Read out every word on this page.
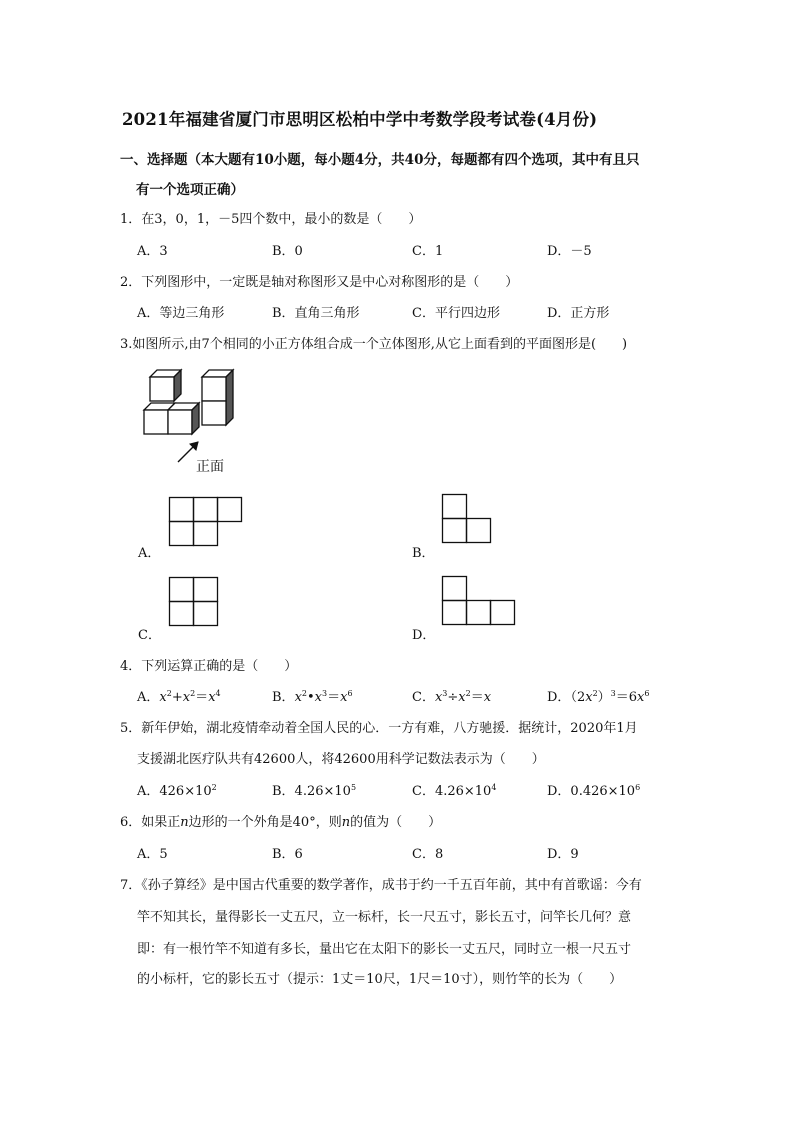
2021年福建省厦门市思明区松柏中学中考数学段考试卷(4月份)
一、选择题（本大题有10小题，每小题4分，共40分，每题都有四个选项，其中有且只
有一个选项正确）
1．在3，0，1，－5四个数中，最小的数是（　　）
A．3	B．0	C．1	D．－5
2．下列图形中，一定既是轴对称图形又是中心对称图形的是（　　）
A．等边三角形	B．直角三角形	C．平行四边形	D．正方形
3.如图所示,由7个相同的小正方体组合成一个立体图形,从它上面看到的平面图形是(　　)
正面
A．	B．
C．	D．
4．下列运算正确的是（　　）
A．$x^2+x^2=x^4$	B．$x^2•x^3=x^6$	C．$x^3\div x^2=x$	D．$(2x^2)^3=6x^6$
5．新年伊始，湖北疫情牵动着全国人民的心．一方有难，八方驰援．据统计，2020年1月
支援湖北医疗队共有42600人，将42600用科学记数法表示为（　　）
A．$426\times 10^2$	B．$4.26\times 10^5$	C．$4.26\times 10^4$	D．$0.426\times 10^6$
6．如果正n边形的一个外角是40°，则n的值为（　　）
A．5	B．6	C．8	D．9
7．《孙子算经》是中国古代重要的数学著作，成书于约一千五百年前，其中有首歌谣：今有
竿不知其长，量得影长一丈五尺，立一标杆，长一尺五寸，影长五寸，问竿长几何？意
即：有一根竹竿不知道有多长，量出它在太阳下的影长一丈五尺，同时立一根一尺五寸
的小标杆，它的影长五寸（提示：1丈＝10尺，1尺＝10寸），则竹竿的长为（　　）
